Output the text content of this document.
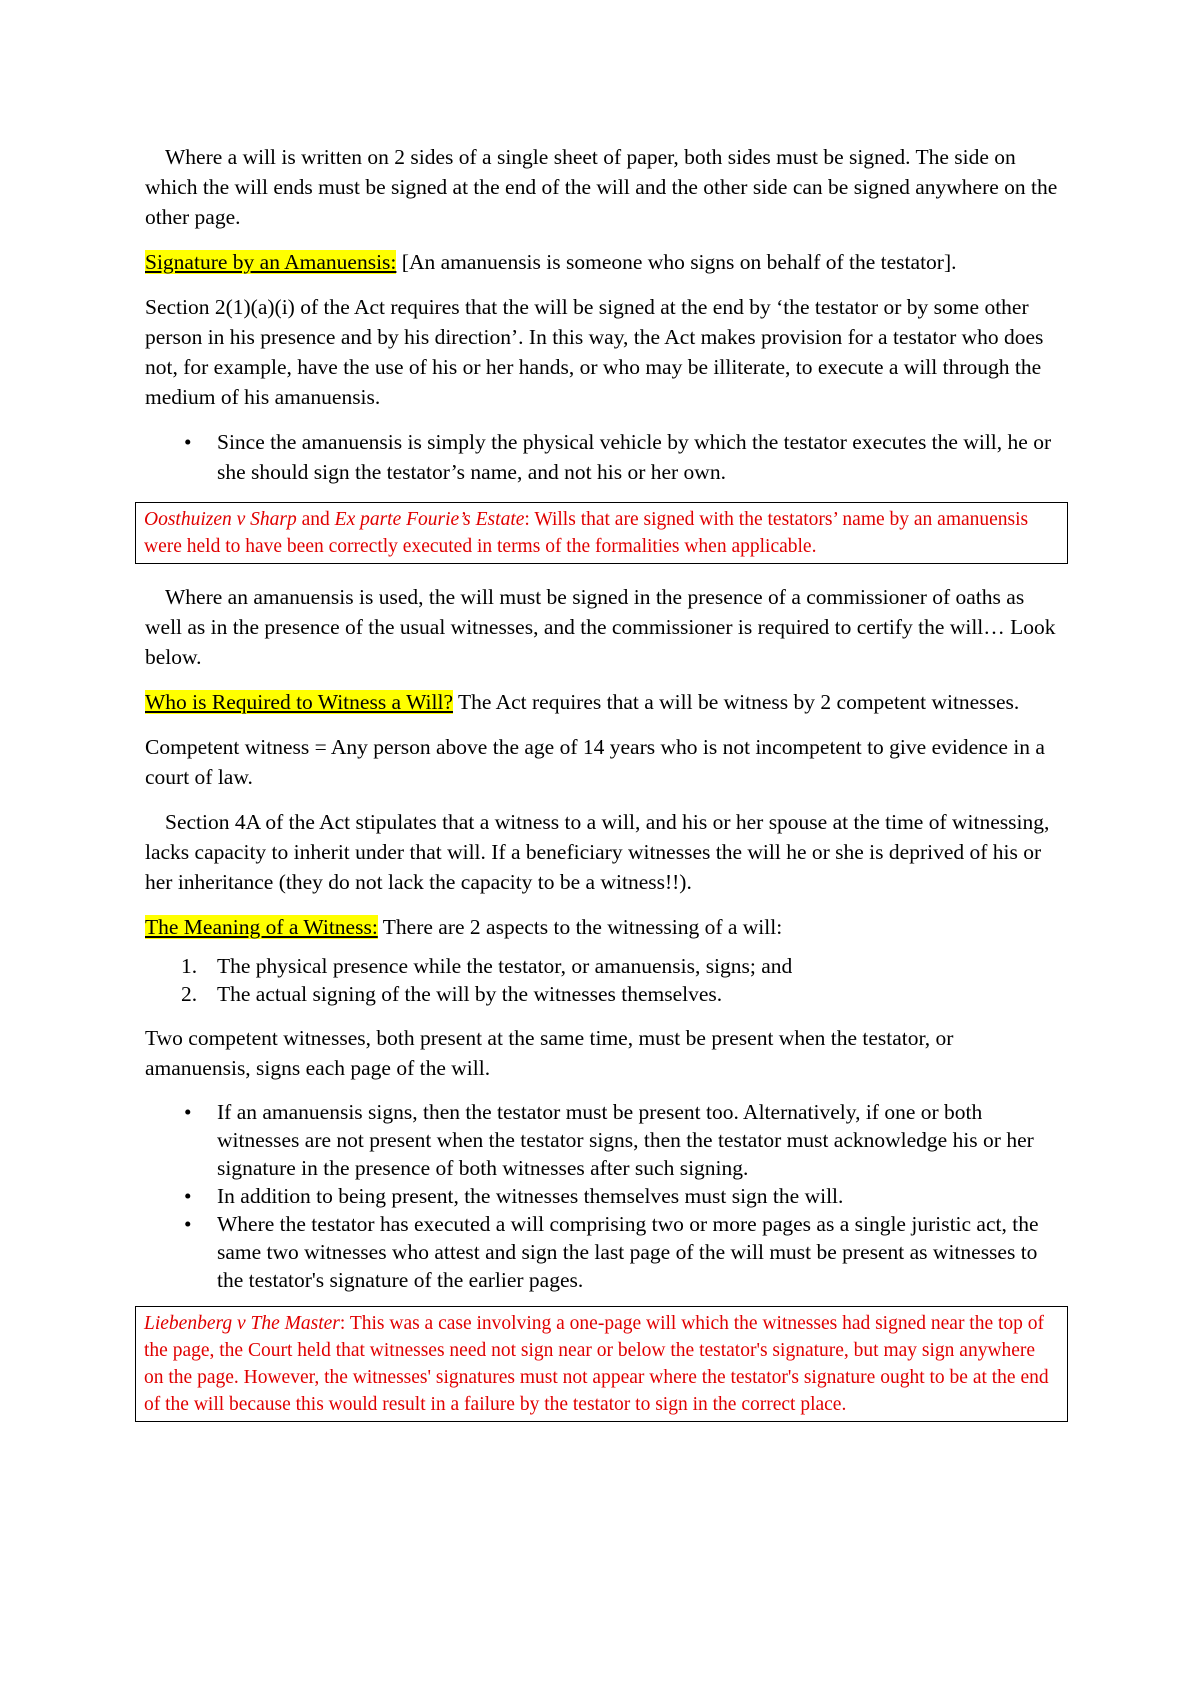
Where a will is written on 2 sides of a single sheet of paper, both sides must be signed. The side on which the will ends must be signed at the end of the will and the other side can be signed anywhere on the other page.

Signature by an Amanuensis: [An amanuensis is someone who signs on behalf of the testator].

Section 2(1)(a)(i) of the Act requires that the will be signed at the end by ‘the testator or by some other person in his presence and by his direction’. In this way, the Act makes provision for a testator who does not, for example, have the use of his or her hands, or who may be illiterate, to execute a will through the medium of his amanuensis.

• Since the amanuensis is simply the physical vehicle by which the testator executes the will, he or she should sign the testator’s name, and not his or her own.
Oosthuizen v Sharp and Ex parte Fourie’s Estate: Wills that are signed with the testators’ name by an amanuensis were held to have been correctly executed in terms of the formalities when applicable.

Where an amanuensis is used, the will must be signed in the presence of a commissioner of oaths as well as in the presence of the usual witnesses, and the commissioner is required to certify the will… Look below.

Who is Required to Witness a Will? The Act requires that a will be witness by 2 competent witnesses.

Competent witness = Any person above the age of 14 years who is not incompetent to give evidence in a court of law.

Section 4A of the Act stipulates that a witness to a will, and his or her spouse at the time of witnessing, lacks capacity to inherit under that will. If a beneficiary witnesses the will he or she is deprived of his or her inheritance (they do not lack the capacity to be a witness!!).

The Meaning of a Witness: There are 2 aspects to the witnessing of a will:

1. The physical presence while the testator, or amanuensis, signs; and
2. The actual signing of the will by the witnesses themselves.

Two competent witnesses, both present at the same time, must be present when the testator, or amanuensis, signs each page of the will.

• If an amanuensis signs, then the testator must be present too. Alternatively, if one or both witnesses are not present when the testator signs, then the testator must acknowledge his or her signature in the presence of both witnesses after such signing.
• In addition to being present, the witnesses themselves must sign the will.
• Where the testator has executed a will comprising two or more pages as a single juristic act, the same two witnesses who attest and sign the last page of the will must be present as witnesses to the testator's signature of the earlier pages.
Liebenberg v The Master: This was a case involving a one-page will which the witnesses had signed near the top of the page, the Court held that witnesses need not sign near or below the testator's signature, but may sign anywhere on the page. However, the witnesses' signatures must not appear where the testator's signature ought to be at the end of the will because this would result in a failure by the testator to sign in the correct place.
